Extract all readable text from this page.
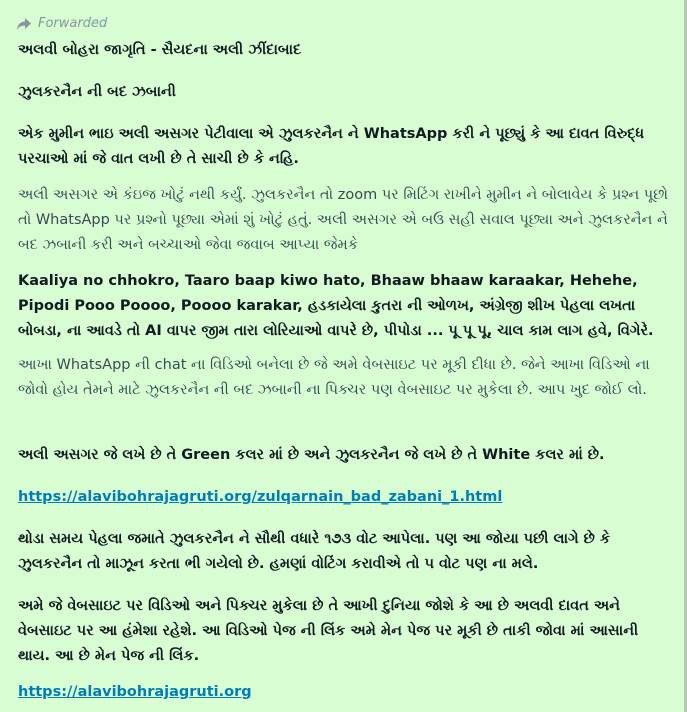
Forwarded
અલવી બોહરા જાગૃતિ - સૈયદના અલી ઝીંદાબાદ
ઝુલકરનૈન ની બદ ઝબાની
એક મુમીન ભાઇ અલી અસગર પેટીવાલા એ ઝુલકરનૈન ને WhatsApp કરી ને પૂછ્યું કે આ દાવત વિરુદ્ધ પરચાઓ માં જે વાત લખી છે તે સાચી છે કે નહિ.
અલી અસગર એ કંઇજ ખોટું નથી કર્યું. ઝુલકરનૈન તો zoom પર મિટિંગ રાખીને મુમીન ને બોલાવેય કે પ્રશ્ન પૂછો તો WhatsApp પર પ્રશ્નો પૂછ્યા એમાં શું ખોટું હતું. અલી અસગર એ બઉ સહી સવાલ પૂછ્યા અને ઝુલકરનૈન ને બદ ઝબાની કરી અને બચ્ચાઓ જેવા જવાબ આપ્યા જેમકે
Kaaliya no chhokro, Taaro baap kiwo hato, Bhaaw bhaaw karaakar, Hehehe, Pipodi Pooo Poooo, Poooo karakar, હડકાયેલા કુતરા ની ઓળખ, અંગ્રેજી શીખ પેહલા લખતા બોબડા, ના આવડે તો AI વાપર જીમ તારા લોરિયાઓ વાપરે છે, પીપોડા ... પૂ પૂ પૂ, ચાલ કામ લાગ હવે, વિગેરે.
આખા WhatsApp ની chat ના વિડિઓ બનેલા છે જે અમે વેબસાઇટ પર મૂકી દીધા છે. જેને આખા વિડિઓ ના જોવો હોય તેમને માટે ઝુલકરનૈન ની બદ ઝબાની ના પિક્ચર પણ વેબસાઇટ પર મુકેલા છે. આપ ખુદ જોઈ લો.
અલી અસગર જે લખે છે તે Green કલર માં છે અને ઝુલકરનૈન જે લખે છે તે White કલર માં છે.
https://alavibohrajagruti.org/zulqarnain_bad_zabani_1.html
થોડા સમય પેહલા જમાતે ઝુલકરનૈન ને સૌથી વધારે ૧૭૩ વોટ આપેલા. પણ આ જોયા પછી લાગે છે કે ઝુલકરનૈન તો માઝૂન કરતા ભી ગયેલો છે. હમણાં વોટિંગ કરાવીએ તો ૫ વોટ પણ ના મલે.
અમે જે વેબસાઇટ પર વિડિઓ અને પિક્ચર મુકેલા છે તે આખી દુનિયા જોશે કે આ છે અલવી દાવત અને વેબસાઇટ પર આ હંમેશા રહેશે. આ વિડિઓ પેજ ની લિંક અમે મેન પેજ પર મૂકી છે તાકી જોવા માં આસાની થાય. આ છે મેન પેજ ની લિંક.
https://alavibohrajagruti.org
